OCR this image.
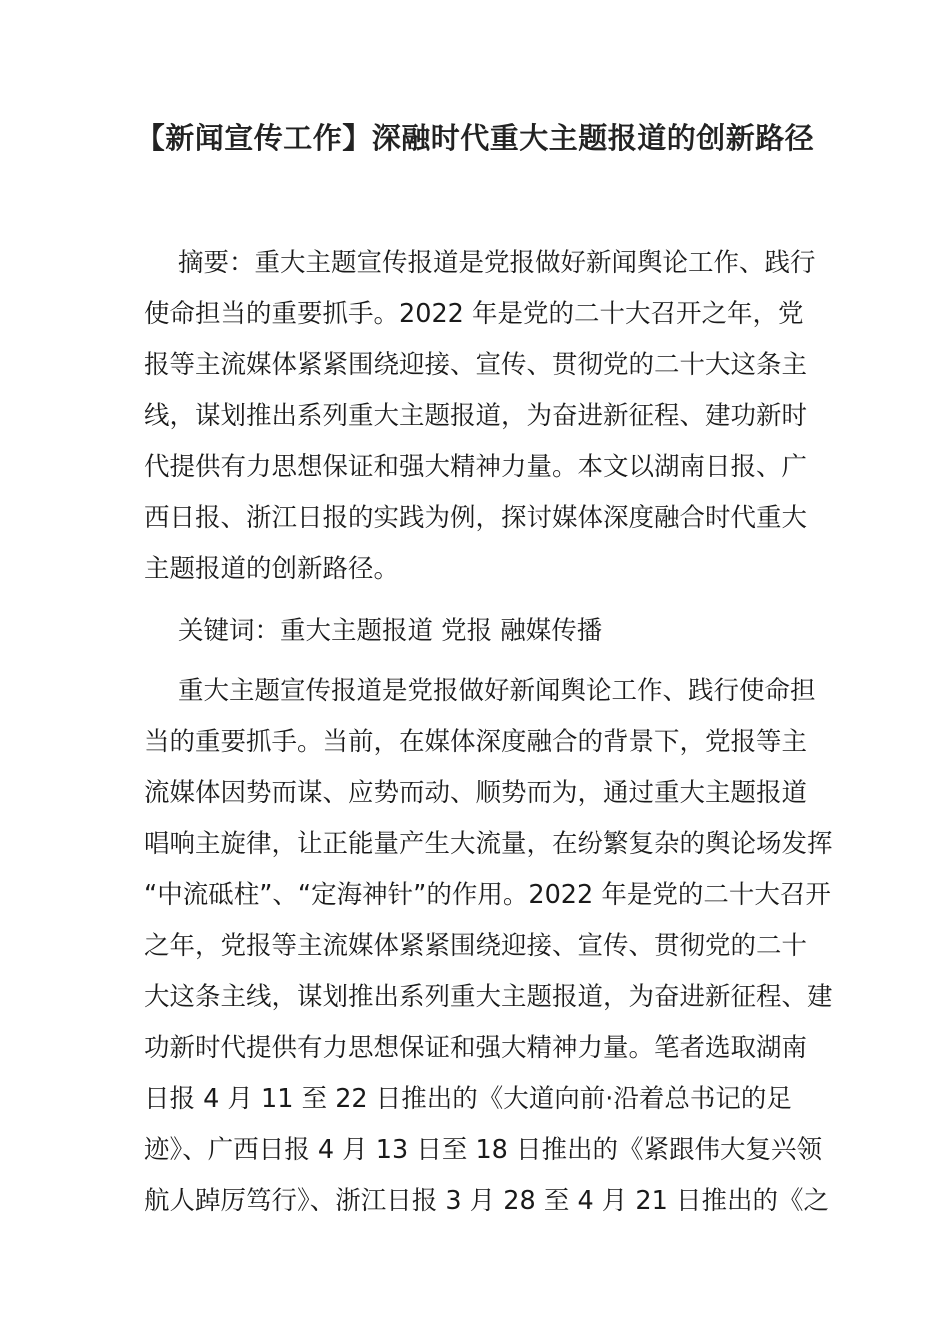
【新闻宣传工作】深融时代重大主题报道的创新路径
摘要：重大主题宣传报道是党报做好新闻舆论工作、践行
使命担当的重要抓手。2022 年是党的二十大召开之年，党
报等主流媒体紧紧围绕迎接、宣传、贯彻党的二十大这条主
线，谋划推出系列重大主题报道，为奋进新征程、建功新时
代提供有力思想保证和强大精神力量。本文以湖南日报、广
西日报、浙江日报的实践为例，探讨媒体深度融合时代重大
主题报道的创新路径。
关键词：重大主题报道 党报 融媒传播
重大主题宣传报道是党报做好新闻舆论工作、践行使命担
当的重要抓手。当前，在媒体深度融合的背景下，党报等主
流媒体因势而谋、应势而动、顺势而为，通过重大主题报道
唱响主旋律，让正能量产生大流量，在纷繁复杂的舆论场发挥
“中流砥柱”、“定海神针”的作用。2022 年是党的二十大召开
之年，党报等主流媒体紧紧围绕迎接、宣传、贯彻党的二十
大这条主线，谋划推出系列重大主题报道，为奋进新征程、建
功新时代提供有力思想保证和强大精神力量。笔者选取湖南
日报 4 月 11 至 22 日推出的《大道向前·沿着总书记的足
迹》、广西日报 4 月 13 日至 18 日推出的《紧跟伟大复兴领
航人踔厉笃行》、浙江日报 3 月 28 至 4 月 21 日推出的《之
